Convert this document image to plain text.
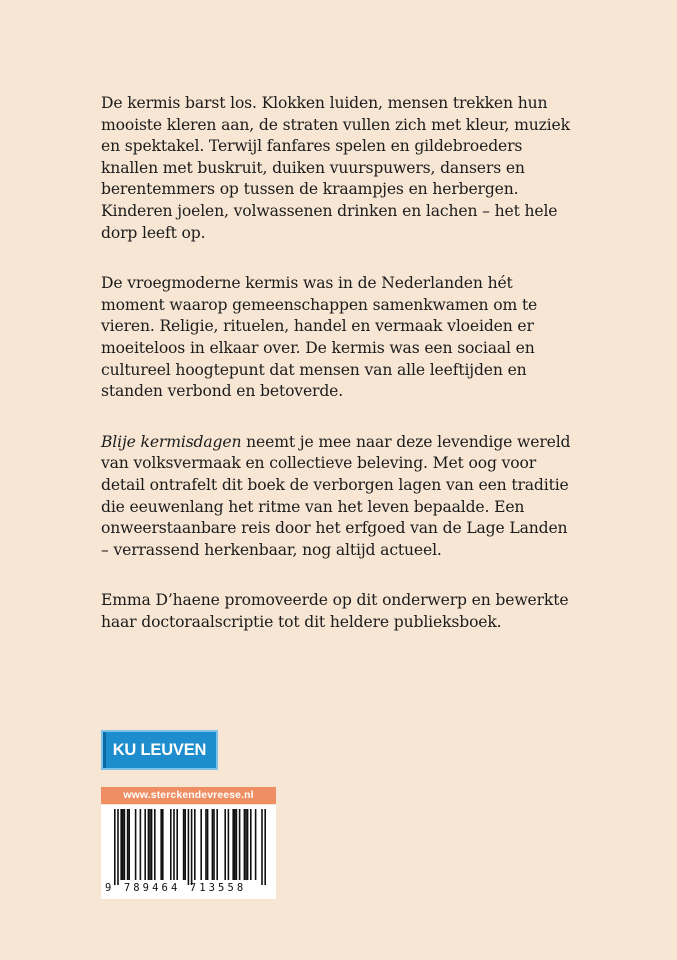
De kermis barst los. Klokken luiden, mensen trekken hun mooiste kleren aan, de straten vullen zich met kleur, muziek en spektakel. Terwijl fanfares spelen en gildebroeders knallen met buskruit, duiken vuurspuwers, dansers en berentemmers op tussen de kraampjes en herbergen. Kinderen joelen, volwassenen drinken en lachen – het hele dorp leeft op.

De vroegmoderne kermis was in de Nederlanden hét moment waarop gemeenschappen samenkwamen om te vieren. Religie, rituelen, handel en vermaak vloeiden er moeiteloos in elkaar over. De kermis was een sociaal en cultureel hoogtepunt dat mensen van alle leeftijden en standen verbond en betoverde.

Blije kermisdagen neemt je mee naar deze levendige wereld van volksvermaak en collectieve beleving. Met oog voor detail ontrafelt dit boek de verborgen lagen van een traditie die eeuwenlang het ritme van het leven bepaalde. Een onweerstaanbare reis door het erfgoed van de Lage Landen – verrassend herkenbaar, nog altijd actueel.

Emma D’haene promoveerde op dit onderwerp en bewerkte haar doctoraalscriptie tot dit heldere publieksboek.

KU LEUVEN
www.sterckendevreese.nl
9 789464 713558
